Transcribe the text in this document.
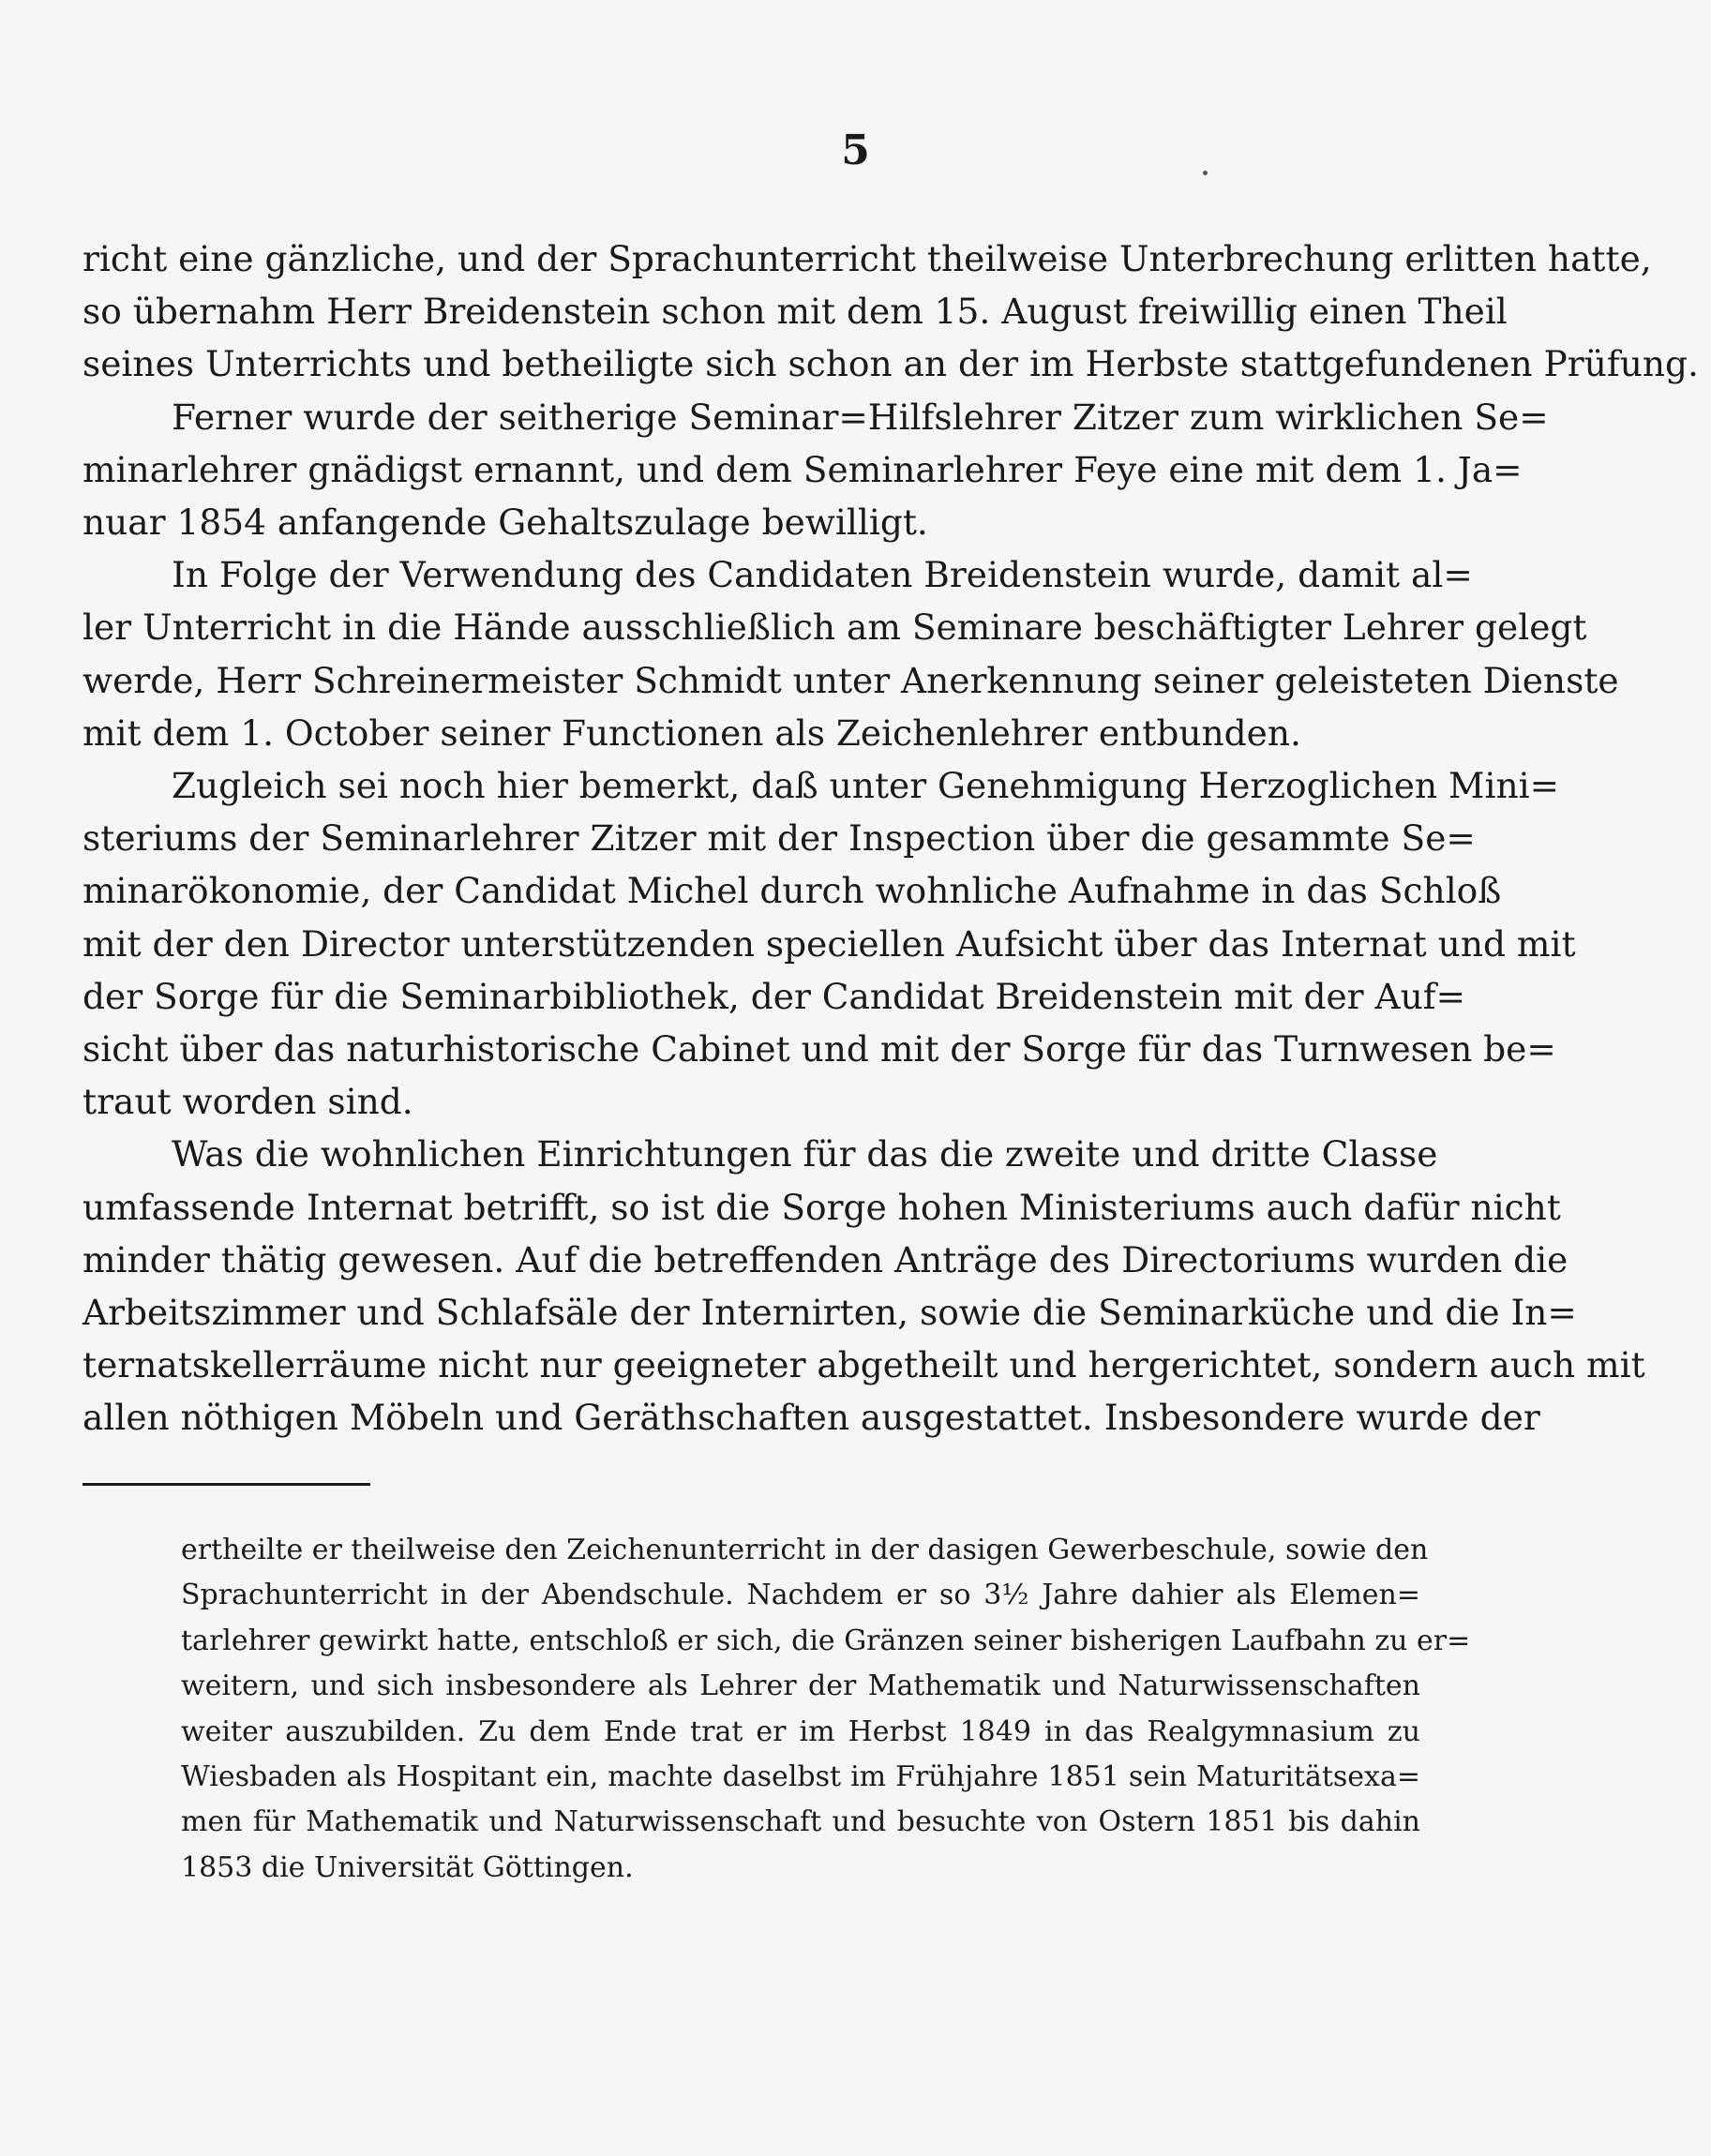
5

richt eine gänzliche, und der Sprachunterricht theilweise Unterbrechung erlitten hatte,
so übernahm Herr Breidenstein schon mit dem 15. August freiwillig einen Theil
seines Unterrichts und betheiligte sich schon an der im Herbste stattgefundenen Prüfung.

Ferner wurde der seitherige Seminar=Hilfslehrer Zitzer zum wirklichen Se=
minarlehrer gnädigst ernannt, und dem Seminarlehrer Feye eine mit dem 1. Ja=
nuar 1854 anfangende Gehaltszulage bewilligt.

In Folge der Verwendung des Candidaten Breidenstein wurde, damit al=
ler Unterricht in die Hände ausschließlich am Seminare beschäftigter Lehrer gelegt
werde, Herr Schreinermeister Schmidt unter Anerkennung seiner geleisteten Dienste
mit dem 1. October seiner Functionen als Zeichenlehrer entbunden.

Zugleich sei noch hier bemerkt, daß unter Genehmigung Herzoglichen Mini=
steriums der Seminarlehrer Zitzer mit der Inspection über die gesammte Se=
minarökonomie, der Candidat Michel durch wohnliche Aufnahme in das Schloß
mit der den Director unterstützenden speciellen Aufsicht über das Internat und mit
der Sorge für die Seminarbibliothek, der Candidat Breidenstein mit der Auf=
sicht über das naturhistorische Cabinet und mit der Sorge für das Turnwesen be=
traut worden sind.

Was die wohnlichen Einrichtungen für das die zweite und dritte Classe
umfassende Internat betrifft, so ist die Sorge hohen Ministeriums auch dafür nicht
minder thätig gewesen. Auf die betreffenden Anträge des Directoriums wurden die
Arbeitszimmer und Schlafsäle der Internirten, sowie die Seminarküche und die In=
ternatskellerräume nicht nur geeigneter abgetheilt und hergerichtet, sondern auch mit
allen nöthigen Möbeln und Geräthschaften ausgestattet. Insbesondere wurde der

ertheilte er theilweise den Zeichenunterricht in der dasigen Gewerbeschule, sowie den
Sprachunterricht in der Abendschule. Nachdem er so 3½ Jahre dahier als Elemen=
tarlehrer gewirkt hatte, entschloß er sich, die Gränzen seiner bisherigen Laufbahn zu er=
weitern, und sich insbesondere als Lehrer der Mathematik und Naturwissenschaften
weiter auszubilden. Zu dem Ende trat er im Herbst 1849 in das Realgymnasium zu
Wiesbaden als Hospitant ein, machte daselbst im Frühjahre 1851 sein Maturitätsexa=
men für Mathematik und Naturwissenschaft und besuchte von Ostern 1851 bis dahin
1853 die Universität Göttingen.
